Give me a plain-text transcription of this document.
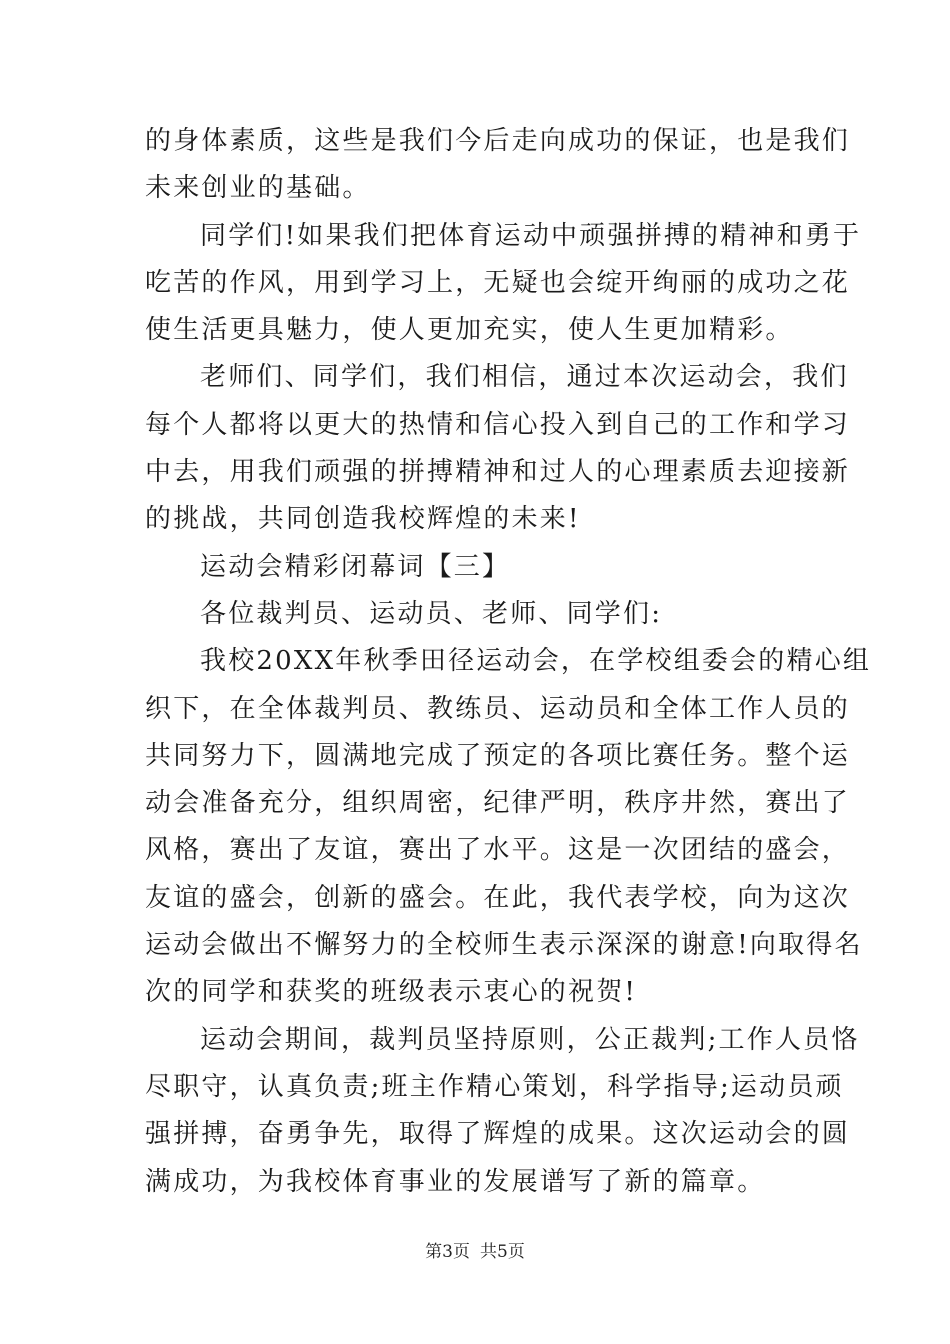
的身体素质，这些是我们今后走向成功的保证，也是我们
未来创业的基础。
同学们!如果我们把体育运动中顽强拼搏的精神和勇于
吃苦的作风，用到学习上，无疑也会绽开绚丽的成功之花
使生活更具魅力，使人更加充实，使人生更加精彩。
老师们、同学们，我们相信，通过本次运动会，我们
每个人都将以更大的热情和信心投入到自己的工作和学习
中去，用我们顽强的拼搏精神和过人的心理素质去迎接新
的挑战，共同创造我校辉煌的未来!
运动会精彩闭幕词【三】
各位裁判员、运动员、老师、同学们:
我校20XX年秋季田径运动会，在学校组委会的精心组
织下，在全体裁判员、教练员、运动员和全体工作人员的
共同努力下，圆满地完成了预定的各项比赛任务。整个运
动会准备充分，组织周密，纪律严明，秩序井然，赛出了
风格，赛出了友谊，赛出了水平。这是一次团结的盛会，
友谊的盛会，创新的盛会。在此，我代表学校，向为这次
运动会做出不懈努力的全校师生表示深深的谢意!向取得名
次的同学和获奖的班级表示衷心的祝贺!
运动会期间，裁判员坚持原则，公正裁判;工作人员恪
尽职守，认真负责;班主作精心策划，科学指导;运动员顽
强拼搏，奋勇争先，取得了辉煌的成果。这次运动会的圆
满成功，为我校体育事业的发展谱写了新的篇章。
第3页 共5页
